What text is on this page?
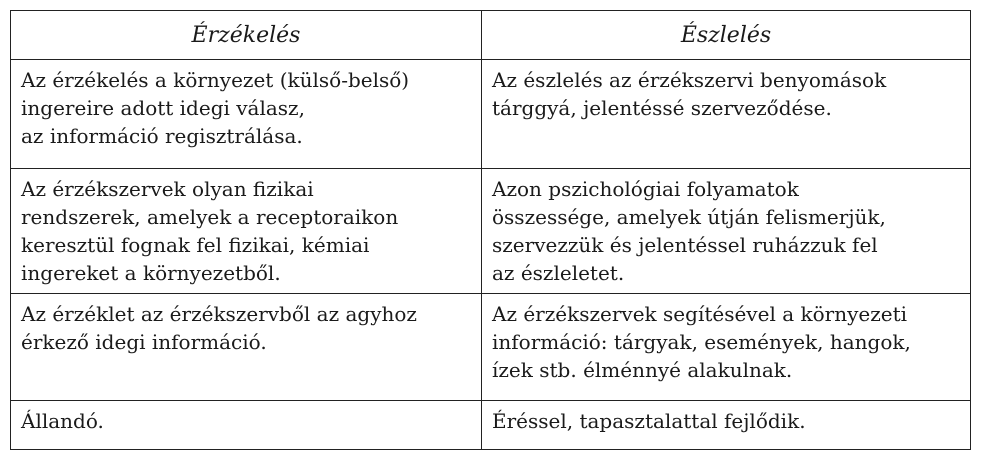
Érzékelés	Észlelés

Az érzékelés a környezet (külső-belső)
ingereire adott idegi válasz,
az információ regisztrálása.	Az észlelés az érzékszervi benyomások
tárggyá, jelentéssé szerveződése.

Az érzékszervek olyan fizikai
rendszerek, amelyek a receptoraikon
keresztül fognak fel fizikai, kémiai
ingereket a környezetből.	Azon pszichológiai folyamatok
összessége, amelyek útján felismerjük,
szervezzük és jelentéssel ruházzuk fel
az észleletet.

Az érzéklet az érzékszervből az agyhoz
érkező idegi információ.	Az érzékszervek segítésével a környezeti
információ: tárgyak, események, hangok,
ízek stb. élménnyé alakulnak.

Állandó.	Éréssel, tapasztalattal fejlődik.
